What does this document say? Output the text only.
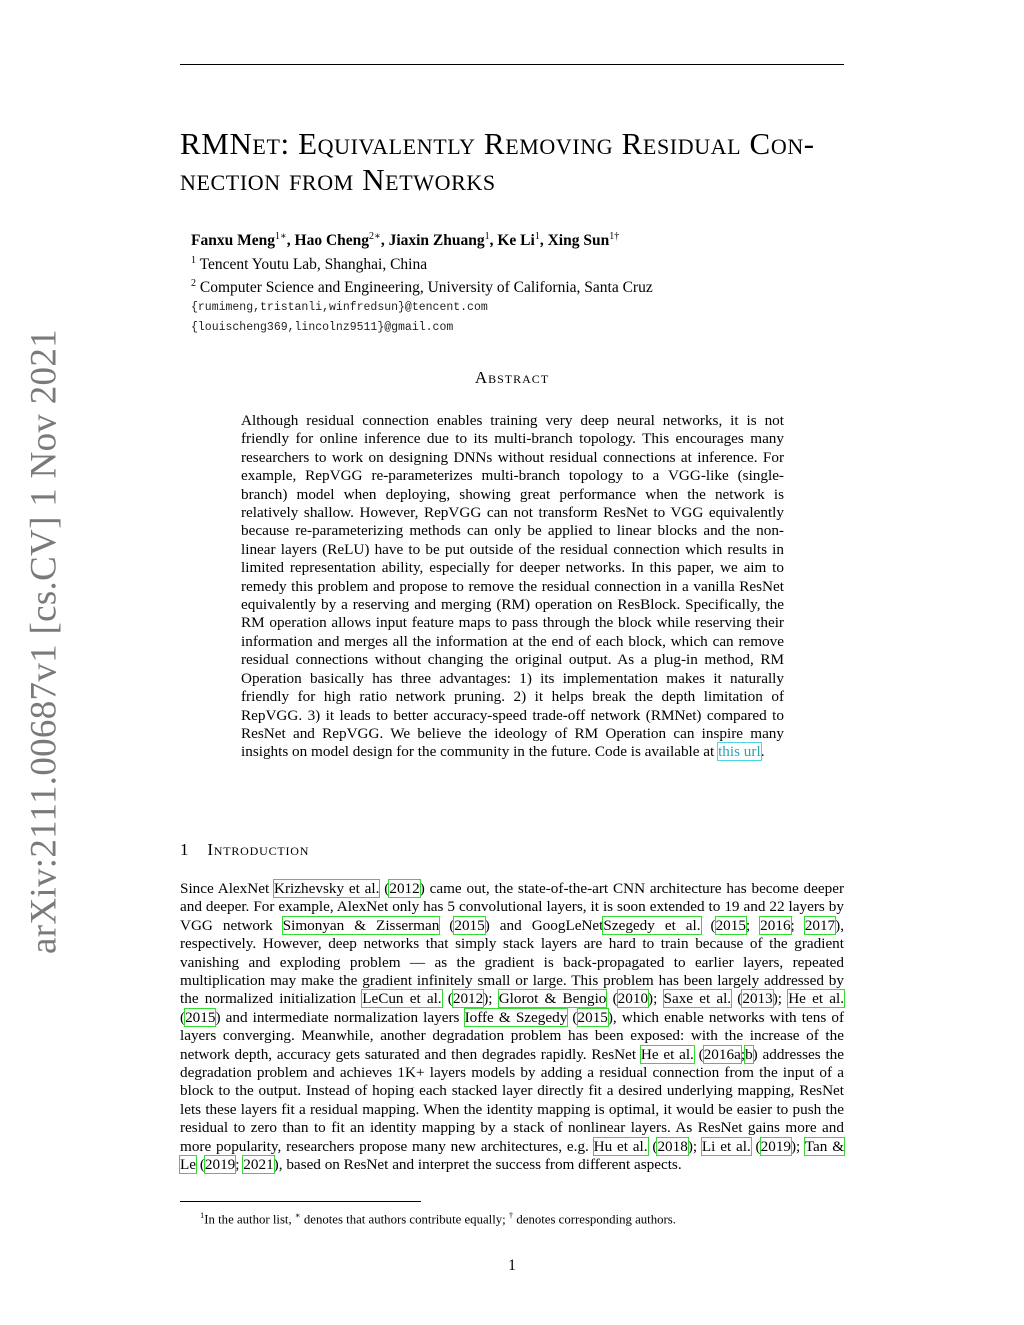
arXiv:2111.00687v1 [cs.CV] 1 Nov 2021
RMNet: Equivalently Removing Residual Con-
nection from Networks
Fanxu Meng$^{1∗}$, Hao Cheng$^{2∗}$, Jiaxin Zhuang$^1$, Ke Li$^1$, Xing Sun$^{1\dagger}$
$^1$ Tencent Youtu Lab, Shanghai, China
$^2$ Computer Science and Engineering, University of California, Santa Cruz
{rumimeng,tristanli,winfredsun}@tencent.com
{louischeng369,lincolnz9511}@gmail.com
Abstract
Although residual connection enables training very deep neural networks, it is not friendly for online inference due to its multi-branch topology. This encourages many researchers to work on designing DNNs without residual connections at inference. For example, RepVGG re-parameterizes multi-branch topology to a VGG-like (single-branch) model when deploying, showing great performance when the network is relatively shallow. However, RepVGG can not transform ResNet to VGG equivalently because re-parameterizing methods can only be applied to linear blocks and the non-linear layers (ReLU) have to be put outside of the residual connection which results in limited representation ability, especially for deeper networks. In this paper, we aim to remedy this problem and propose to remove the residual connection in a vanilla ResNet equivalently by a reserving and merging (RM) operation on ResBlock. Specifically, the RM operation allows input feature maps to pass through the block while reserving their information and merges all the information at the end of each block, which can remove residual connections without changing the original output. As a plug-in method, RM Operation basically has three advantages: 1) its implementation makes it naturally friendly for high ratio network pruning. 2) it helps break the depth limitation of RepVGG. 3) it leads to better accuracy-speed trade-off network (RMNet) compared to ResNet and RepVGG. We believe the ideology of RM Operation can inspire many insights on model design for the community in the future. Code is available at this url.
1 Introduction
Since AlexNet Krizhevsky et al. (2012) came out, the state-of-the-art CNN architecture has become deeper and deeper. For example, AlexNet only has 5 convolutional layers, it is soon extended to 19 and 22 layers by VGG network Simonyan & Zisserman (2015) and GoogLeNetSzegedy et al. (2015; 2016; 2017), respectively. However, deep networks that simply stack layers are hard to train because of the gradient vanishing and exploding problem — as the gradient is back-propagated to earlier layers, repeated multiplication may make the gradient infinitely small or large. This problem has been largely addressed by the normalized initialization LeCun et al. (2012); Glorot & Bengio (2010); Saxe et al. (2013); He et al. (2015) and intermediate normalization layers Ioffe & Szegedy (2015), which enable networks with tens of layers converging. Meanwhile, another degradation problem has been exposed: with the increase of the network depth, accuracy gets saturated and then degrades rapidly. ResNet He et al. (2016a;b) addresses the degradation problem and achieves 1K+ layers models by adding a residual connection from the input of a block to the output. Instead of hoping each stacked layer directly fit a desired underlying mapping, ResNet lets these layers fit a residual mapping. When the identity mapping is optimal, it would be easier to push the residual to zero than to fit an identity mapping by a stack of nonlinear layers. As ResNet gains more and more popularity, researchers propose many new architectures, e.g. Hu et al. (2018); Li et al. (2019); Tan & Le (2019; 2021), based on ResNet and interpret the success from different aspects.
$^1$In the author list, ∗ denotes that authors contribute equally; † denotes corresponding authors.
1
